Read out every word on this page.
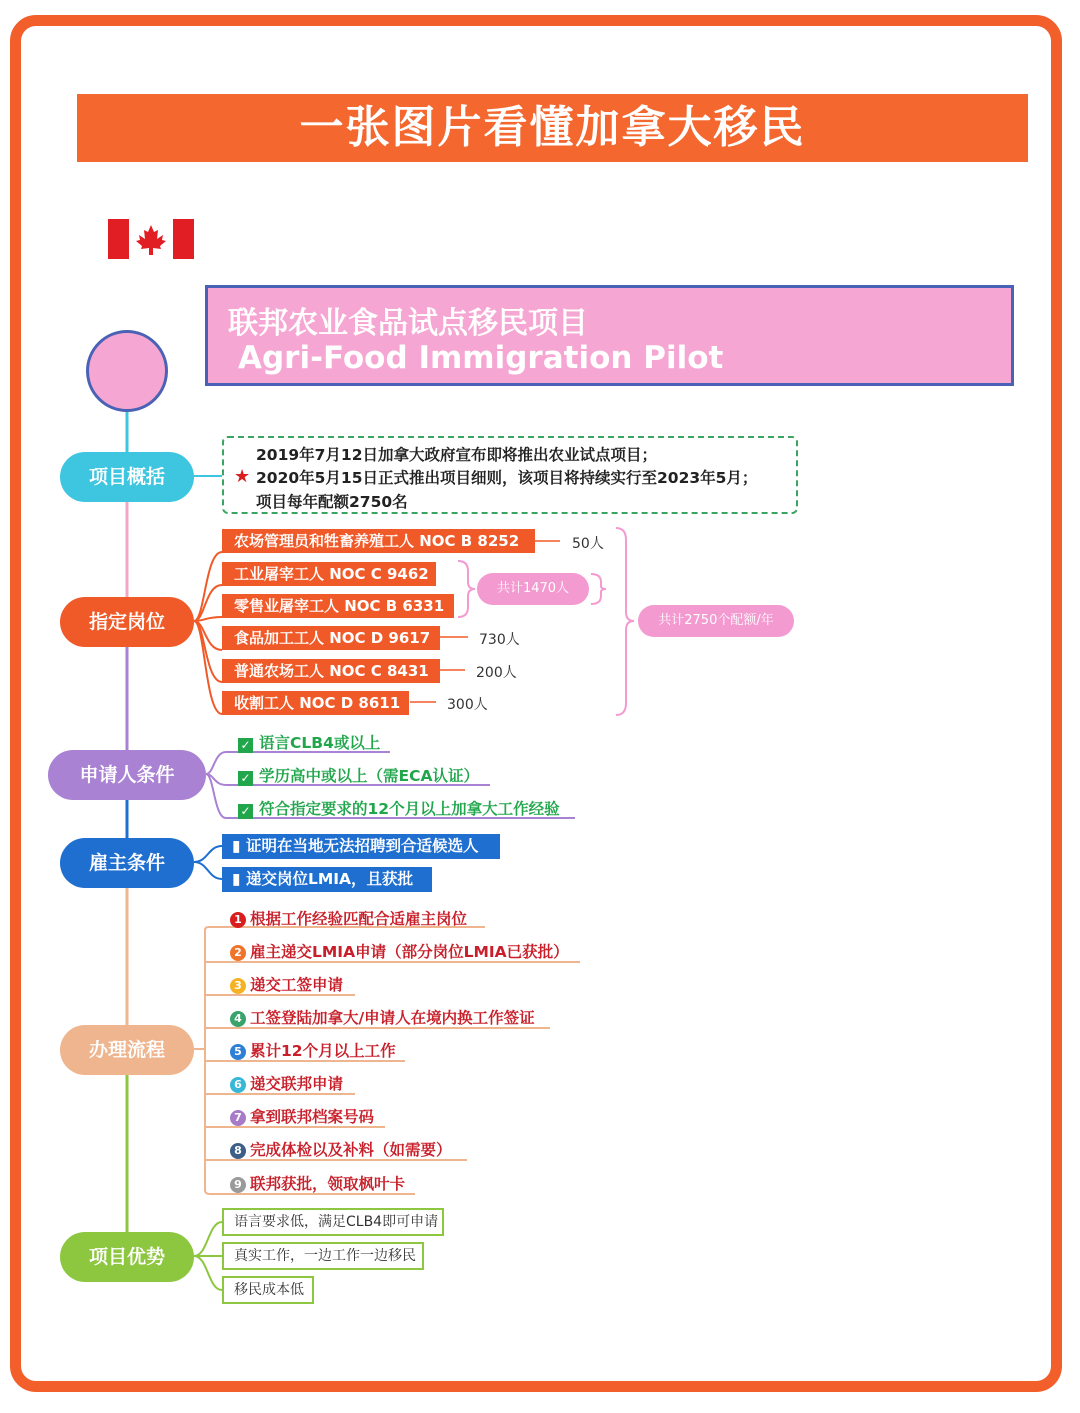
一张图片看懂加拿大移民
联邦农业食品试点移民项目
Agri-Food Immigration Pilot
项目概括
指定岗位
申请人条件
雇主条件
办理流程
项目优势
★
2019年7月12日加拿大政府宣布即将推出农业试点项目；
2020年5月15日正式推出项目细则，该项目将持续实行至2023年5月；
项目每年配额2750名
农场管理员和牲畜养殖工人 NOC B 8252
工业屠宰工人 NOC C 9462
零售业屠宰工人 NOC B 6331
食品加工工人 NOC D 9617
普通农场工人 NOC C 8431
收割工人 NOC D 8611
50人
730人
200人
300人
共计1470人
共计2750个配额/年
✓ 语言CLB4或以上
✓ 学历高中或以上（需ECA认证）
✓ 符合指定要求的12个月以上加拿大工作经验
▮ 证明在当地无法招聘到合适候选人
▮ 递交岗位LMIA，且获批
1 根据工作经验匹配合适雇主岗位
2 雇主递交LMIA申请（部分岗位LMIA已获批）
3 递交工签申请
4 工签登陆加拿大/申请人在境内换工作签证
5 累计12个月以上工作
6 递交联邦申请
7 拿到联邦档案号码
8 完成体检以及补料（如需要）
9 联邦获批，领取枫叶卡
语言要求低，满足CLB4即可申请
真实工作，一边工作一边移民
移民成本低
